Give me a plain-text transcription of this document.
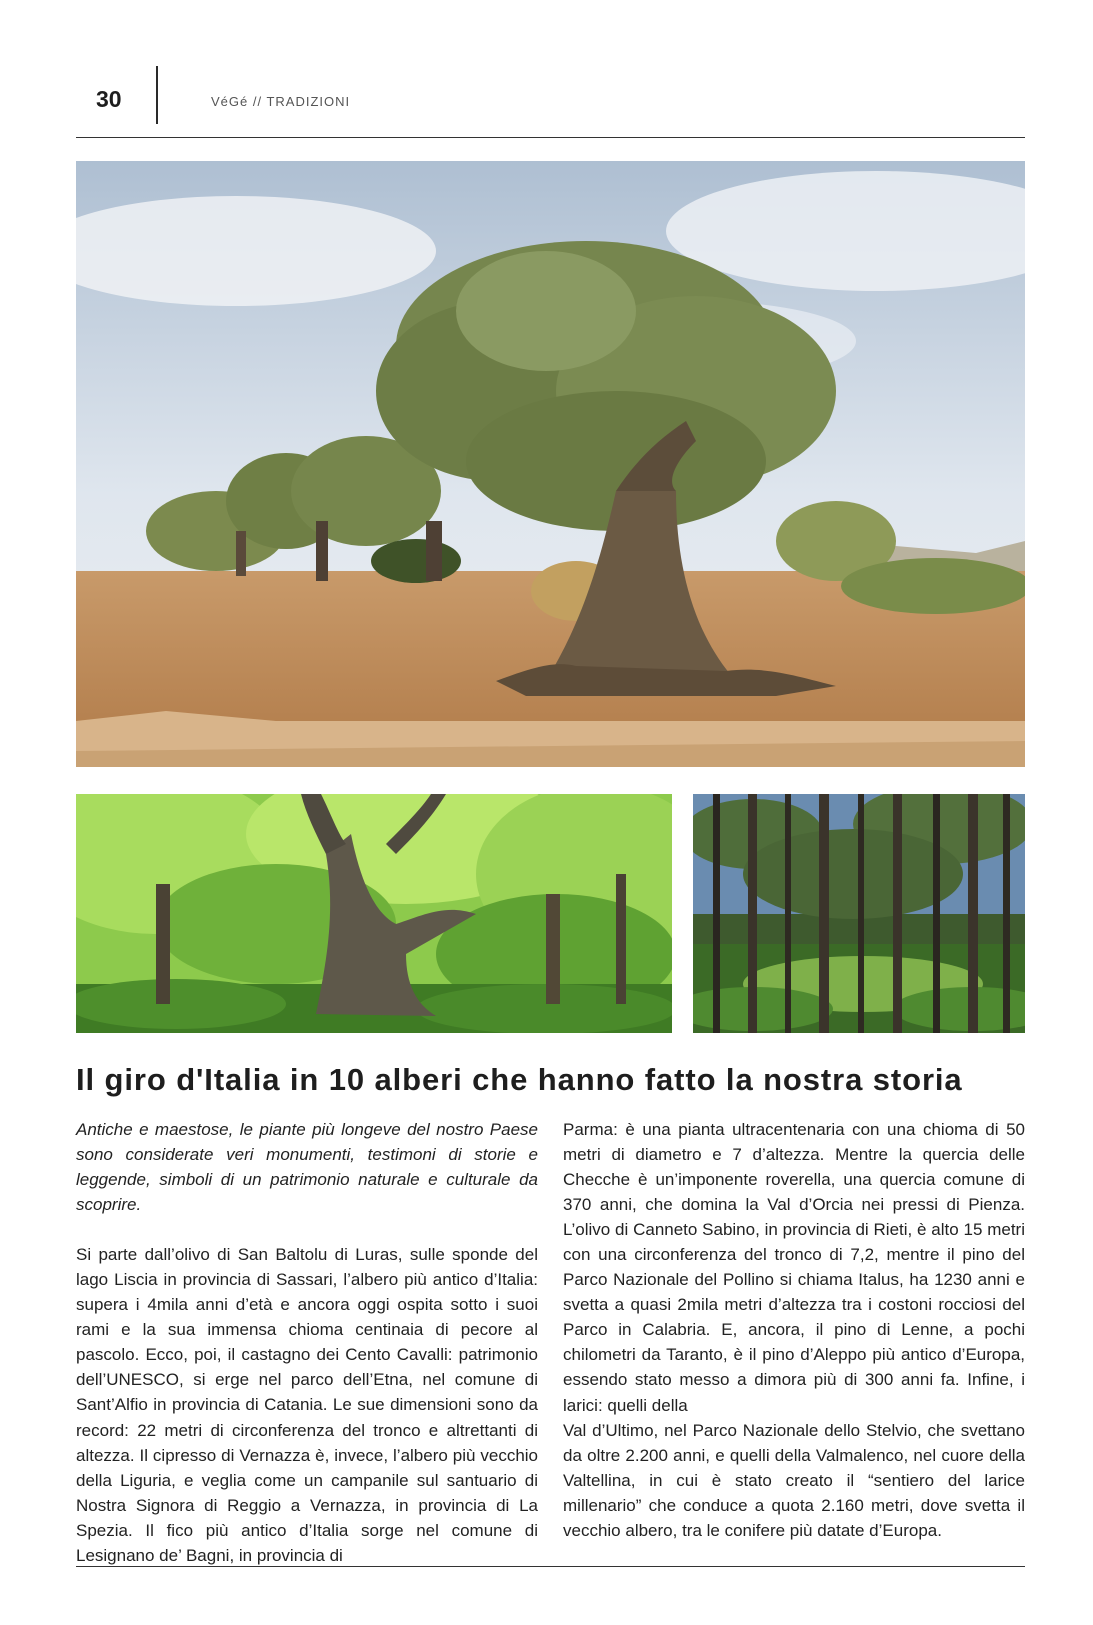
30	VéGé // TRADIZIONI
Il giro d'Italia in 10 alberi che hanno fatto la nostra storia

Antiche e maestose, le piante più longeve del nostro Paese sono considerate veri monumenti, testimoni di storie e leggende, simboli di un patrimonio naturale e culturale da scoprire.

Si parte dall’olivo di San Baltolu di Luras, sulle sponde del lago Liscia in provincia di Sassari, l’albero più antico d’Italia: supera i 4mila anni d’età e ancora oggi ospita sotto i suoi rami e la sua immensa chioma centinaia di pecore al pascolo. Ecco, poi, il castagno dei Cento Cavalli: patrimonio dell’UNESCO, si erge nel parco dell’Etna, nel comune di Sant’Alfio in provincia di Catania. Le sue dimensioni sono da record: 22 metri di circonferenza del tronco e altrettanti di altezza. Il cipresso di Vernazza è, invece, l’albero più vecchio della Liguria, e veglia come un campanile sul santuario di Nostra Signora di Reggio a Vernazza, in provincia di La Spezia. Il fico più antico d’Italia sorge nel comune di Lesignano de’ Bagni, in provincia di

Parma: è una pianta ultracentenaria con una chioma di 50 metri di diametro e 7 d’altezza. Mentre la quercia delle Checche è un’imponente roverella, una quercia comune di 370 anni, che domina la Val d’Orcia nei pressi di Pienza. L’olivo di Canneto Sabino, in provincia di Rieti, è alto 15 metri con una circonferenza del tronco di 7,2, mentre il pino del Parco Nazionale del Pollino si chiama Italus, ha 1230 anni e svetta a quasi 2mila metri d’altezza tra i costoni rocciosi del Parco in Calabria. E, ancora, il pino di Lenne, a pochi chilometri da Taranto, è il pino d’Aleppo più antico d’Europa, essendo stato messo a dimora più di 300 anni fa. Infine, i larici: quelli della

Val d’Ultimo, nel Parco Nazionale dello Stelvio, che svettano da oltre 2.200 anni, e quelli della Valmalenco, nel cuore della Valtellina, in cui è stato creato il “sentiero del larice millenario” che conduce a quota 2.160 metri, dove svetta il vecchio albero, tra le conifere più datate d’Europa.
